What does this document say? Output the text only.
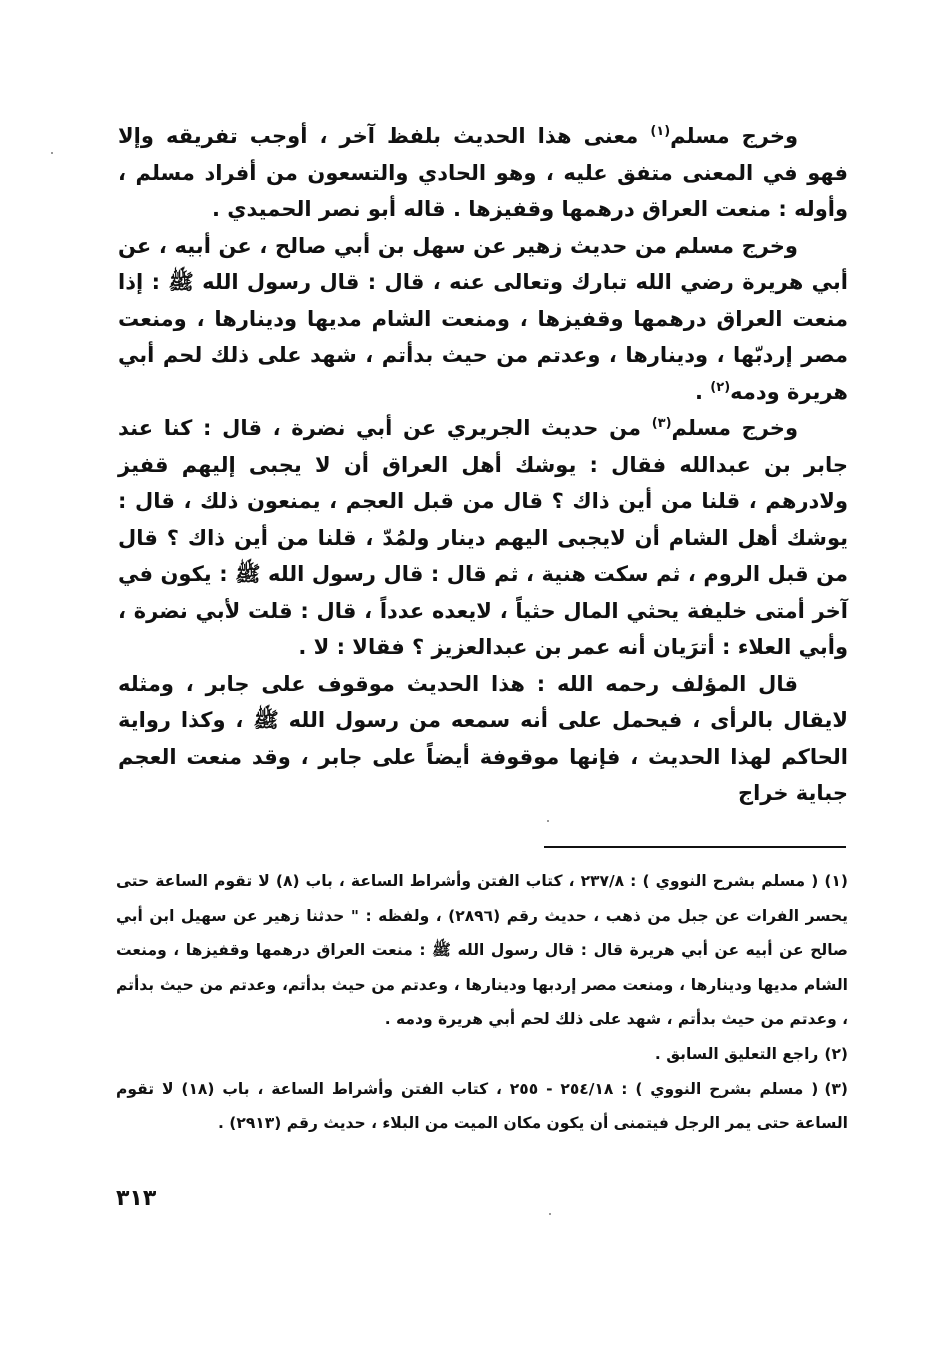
وخرج مسلم$^{(١)}$ معنى هذا الحديث بلفظ آخر ، أوجب تفريقه وإلا فهو في المعنى متفق عليه ، وهو الحادي والتسعون من أفراد مسلم ، وأوله : منعت العراق درهمها وقفيزها . قاله أبو نصر الحميدي .

وخرج مسلم من حديث زهير عن سهل بن أبي صالح ، عن أبيه ، عن أبي هريرة رضي الله تبارك وتعالى عنه ، قال : قال رسول الله ﷺ : إذا منعت العراق درهمها وقفيزها ، ومنعت الشام مديها ودينارها ، ومنعت مصر إردبّها ، ودينارها ، وعدتم من حيث بدأتم ، شهد على ذلك لحم أبي هريرة ودمه$^{(٢)}$ .

وخرج مسلم$^{(٣)}$ من حديث الجريري عن أبي نضرة ، قال : كنا عند جابر بن عبدالله فقال : يوشك أهل العراق أن لا يجبى إليهم قفيز ولادرهم ، قلنا من أين ذاك ؟ قال من قبل العجم ، يمنعون ذلك ، قال : يوشك أهل الشام أن لايجبى اليهم دينار ولمُدّ ، قلنا من أين ذاك ؟ قال من قبل الروم ، ثم سكت هنية ، ثم قال : قال رسول الله ﷺ : يكون في آخر أمتى خليفة يحثي المال حثياً ، لايعده عدداً ، قال : قلت لأبي نضرة ، وأبي العلاء : أترَيان أنه عمر بن عبدالعزيز ؟ فقالا : لا .

قال المؤلف رحمه الله : هذا الحديث موقوف على جابر ، ومثله لايقال بالرأى ، فيحمل على أنه سمعه من رسول الله ﷺ ، وكذا رواية الحاكم لهذا الحديث ، فإنها موقوفة أيضاً على جابر ، وقد منعت العجم جباية خراج

(١)( مسلم بشرح النووي ) : ٢٣٧/٨ ، كتاب الفتن وأشراط الساعة ، باب (٨) لا تقوم الساعة حتى يحسر الفرات عن جبل من ذهب ، حديث رقم (٢٨٩٦) ، ولفظه : " حدثنا زهير عن سهيل ابن أبي صالح عن أبيه عن أبي هريرة قال : قال رسول الله ﷺ : منعت العراق درهمها وقفيزها ، ومنعت الشام مديها ودينارها ، ومنعت مصر إردبها ودينارها ، وعدتم من حيث بدأتم، وعدتم من حيث بدأتم ، وعدتم من حيث بدأتم ، شهد على ذلك لحم أبي هريرة ودمه .

(٢)راجع التعليق السابق .

(٣)( مسلم بشرح النووي ) : ٢٥٤/١٨ - ٢٥٥ ، كتاب الفتن وأشراط الساعة ، باب (١٨) لا تقوم الساعة حتى يمر الرجل فيتمنى أن يكون مكان الميت من البلاء ، حديث رقم (٢٩١٣) .

٣١٣
